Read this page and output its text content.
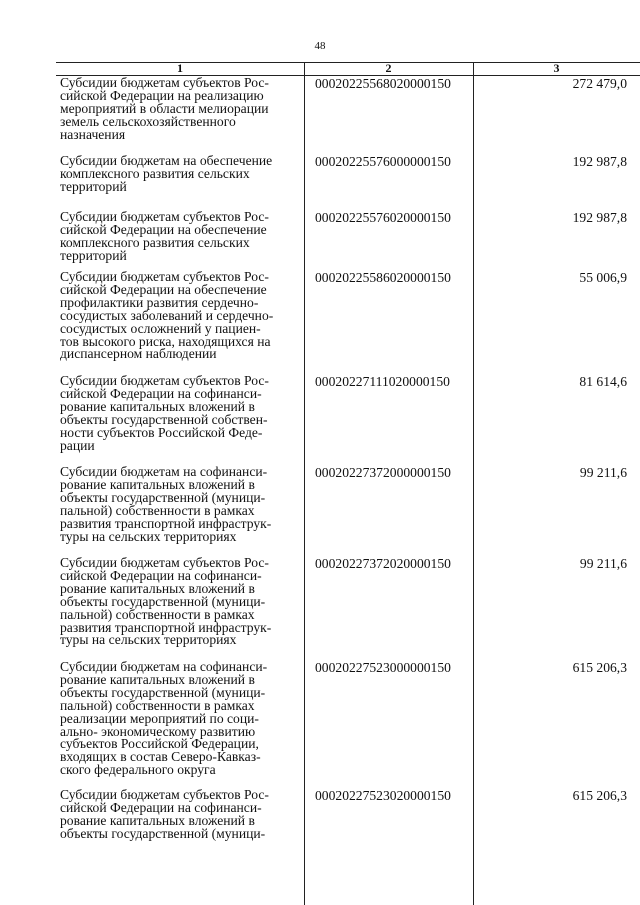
48
1	2	3
Субсидии бюджетам субъектов Рос-
сийской Федерации на реализацию
мероприятий в области мелиорации
земель сельскохозяйственного
назначения
00020225568020000150	272 479,0
Субсидии бюджетам на обеспечение
комплексного развития сельских
территорий
00020225576000000150	192 987,8
Субсидии бюджетам субъектов Рос-
сийской Федерации на обеспечение
комплексного развития сельских
территорий
00020225576020000150	192 987,8
Субсидии бюджетам субъектов Рос-
сийской Федерации на обеспечение
профилактики развития сердечно-
сосудистых заболеваний и сердечно-
сосудистых осложнений у пациен-
тов высокого риска, находящихся на
диспансерном наблюдении
00020225586020000150	55 006,9
Субсидии бюджетам субъектов Рос-
сийской Федерации на софинанси-
рование капитальных вложений в
объекты государственной собствен-
ности субъектов Российской Феде-
рации
00020227111020000150	81 614,6
Субсидии бюджетам на софинанси-
рование капитальных вложений в
объекты государственной (муници-
пальной) собственности в рамках
развития транспортной инфраструк-
туры на сельских территориях
00020227372000000150	99 211,6
Субсидии бюджетам субъектов Рос-
сийской Федерации на софинанси-
рование капитальных вложений в
объекты государственной (муници-
пальной) собственности в рамках
развития транспортной инфраструк-
туры на сельских территориях
00020227372020000150	99 211,6
Субсидии бюджетам на софинанси-
рование капитальных вложений в
объекты государственной (муници-
пальной) собственности в рамках
реализации мероприятий по соци-
ально- экономическому развитию
субъектов Российской Федерации,
входящих в состав Северо-Кавказ-
ского федерального округа
00020227523000000150	615 206,3
Субсидии бюджетам субъектов Рос-
сийской Федерации на софинанси-
рование капитальных вложений в
объекты государственной (муници-
00020227523020000150	615 206,3
